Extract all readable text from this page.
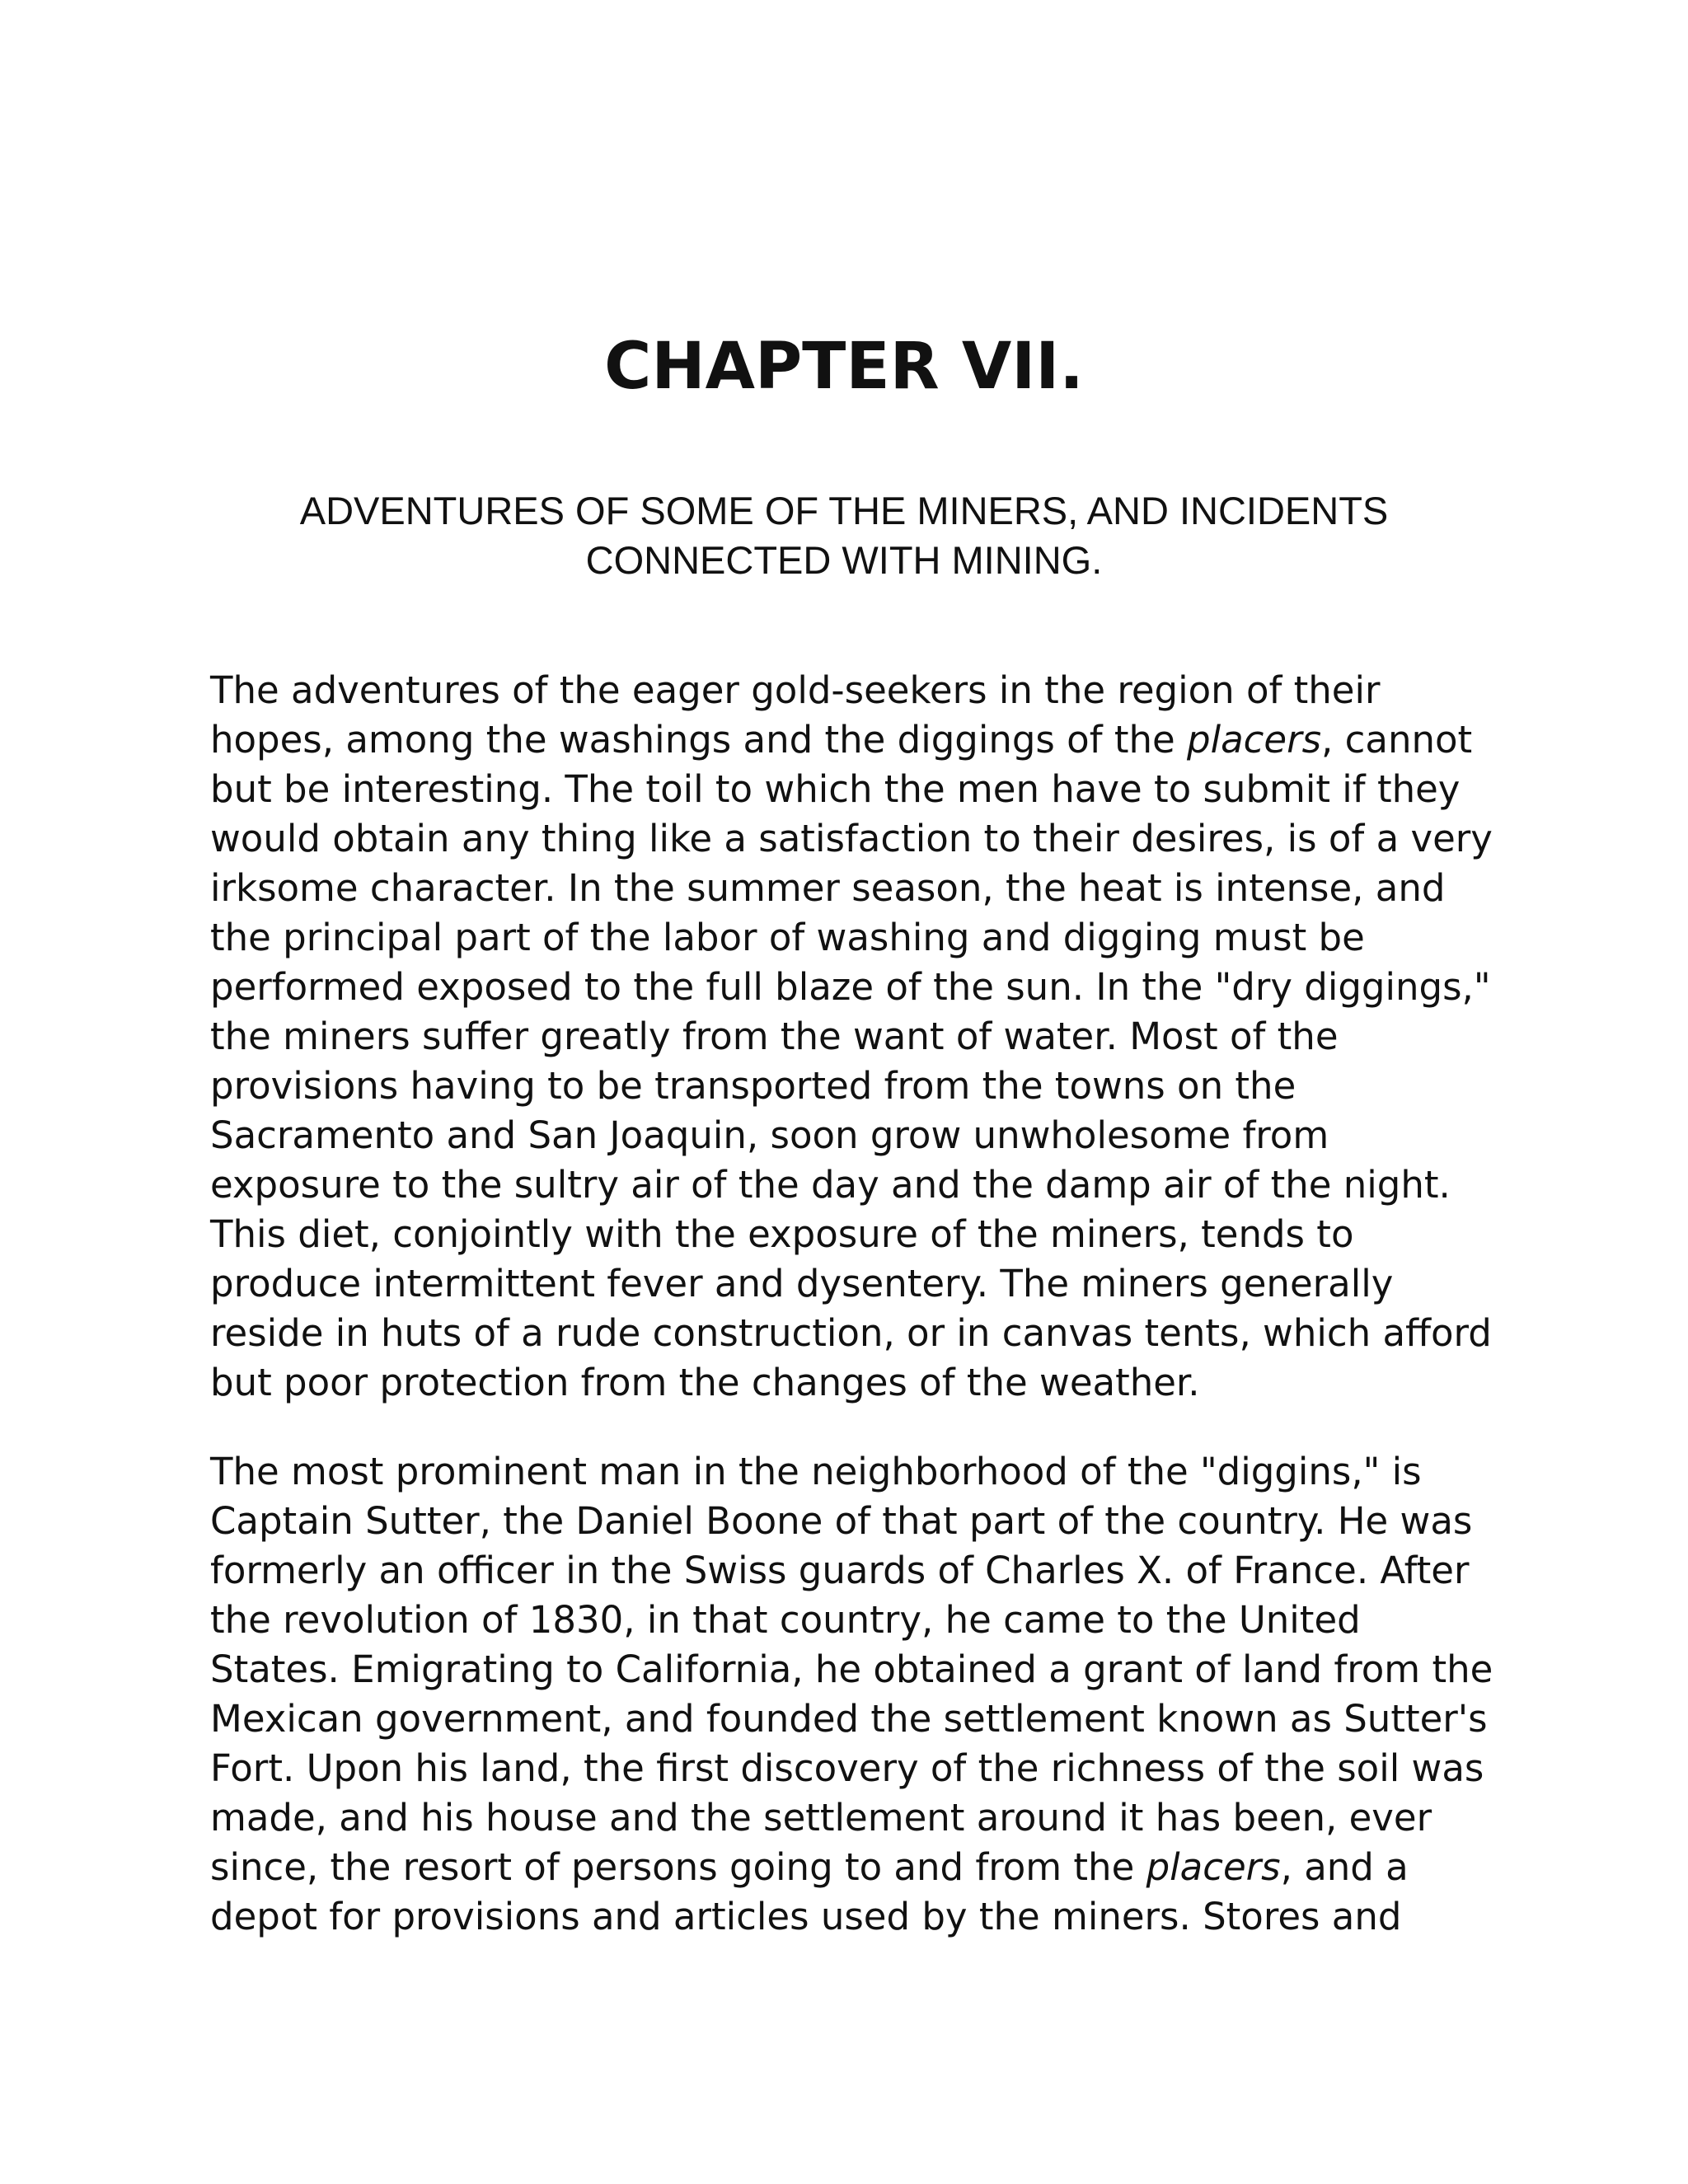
CHAPTER VII.
ADVENTURES OF SOME OF THE MINERS, AND INCIDENTS
CONNECTED WITH MINING.

The adventures of the eager gold-seekers in the region of their
hopes, among the washings and the diggings of the placers, cannot
but be interesting. The toil to which the men have to submit if they
would obtain any thing like a satisfaction to their desires, is of a very
irksome character. In the summer season, the heat is intense, and
the principal part of the labor of washing and digging must be
performed exposed to the full blaze of the sun. In the "dry diggings,"
the miners suffer greatly from the want of water. Most of the
provisions having to be transported from the towns on the
Sacramento and San Joaquin, soon grow unwholesome from
exposure to the sultry air of the day and the damp air of the night.
This diet, conjointly with the exposure of the miners, tends to
produce intermittent fever and dysentery. The miners generally
reside in huts of a rude construction, or in canvas tents, which afford
but poor protection from the changes of the weather.

The most prominent man in the neighborhood of the "diggins," is
Captain Sutter, the Daniel Boone of that part of the country. He was
formerly an officer in the Swiss guards of Charles X. of France. After
the revolution of 1830, in that country, he came to the United
States. Emigrating to California, he obtained a grant of land from the
Mexican government, and founded the settlement known as Sutter's
Fort. Upon his land, the first discovery of the richness of the soil was
made, and his house and the settlement around it has been, ever
since, the resort of persons going to and from the placers, and a
depot for provisions and articles used by the miners. Stores and
